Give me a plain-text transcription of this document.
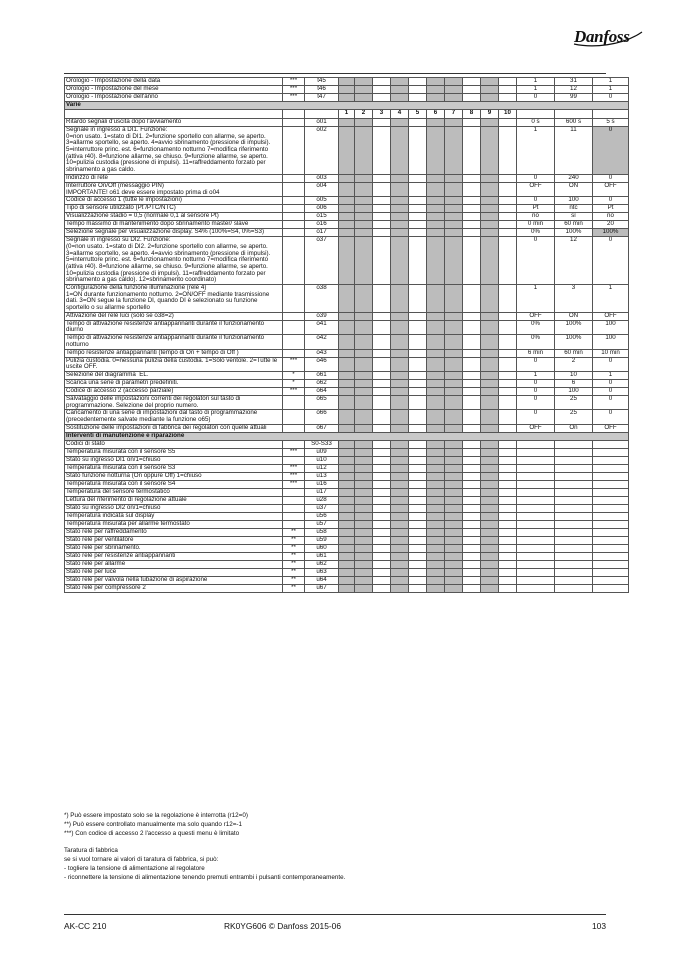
Danfoss
Orologio - Impostazione della data	***	t45											1	31	1
Orologio - Impostazione del mese	***	t46											1	12	1
Orologio - Impostazione dell'anno	***	t47											0	99	0
Varie															
			1	2	3	4	5	6	7	8	9	10			
Ritardo segnali d'uscita dopo l'avviamento		o01											0 s	600 s	5 s
Segnale in ingresso a DI1. Funzione:
0=non usato. 1=stato di DI1. 2=funzione sportello con allarme, se aperto. 3=allarme sportello, se aperto. 4=avvio sbrinamento (pressione di impulsi). 5=interruttore princ. est. 6=funzionamento notturno 7=modifica riferimento (attiva r40). 8=funzione allarme, se chiuso. 9=funzione allarme, se aperto. 10=pulizia custodia (pressione di impulsi). 11=raffreddamento forzato per sbrinamento a gas caldo.		o02											1	11	0
Indirizzo di rete		o03											0	240	0
Interruttore On/Off (messaggio PIN)
IMPORTANTE! o61 deve essere impostato prima di o04		o04											OFF	ON	OFF
Codice di accesso 1 (tutte le impostazioni)		o05											0	100	0
Tipo di sensore utilizzato (Pt /PTC/NTC)		o06											Pt	ntc	Pt
Visualizzazione stadio = 0,5 (normale 0,1 al sensore Pt)		o15											no	sì	no
Tempo massimo di mantenimento dopo sbrinamento master/ slave		o16											0 min	60 min	20
Selezione segnale per visualizzazione display. S4% (100%=S4, 0%=S3)		o17											0%	100%	100%
Segnale in ingresso su DI2. Funzione:
(0=non usato. 1=stato di DI2. 2=funzione sportello con allarme, se aperto. 3=allarme sportello, se aperto. 4=avvio sbrinamento (pressione di impulsi). 5=interruttore princ. est. 6=funzionamento notturno 7=modifica riferimento (attiva r40). 8=funzione allarme, se chiuso. 9=funzione allarme, se aperto. 10=pulizia custodia (pressione di impulsi). 11=raffreddamento forzato per sbrinamento a gas caldo). 12=sbrinamento coordinato)		o37											0	12	0
Configurazione della funzione illuminazione (relè 4)
1=ON durante funzionamento notturno. 2=ON/OFF mediante trasmissione dati. 3=ON segue la funzione DI, quando DI è selezionato su funzione sportello o su allarme sportello		o38											1	3	1
Attivazione del relè luci (solo se o38=2)		o39											OFF	ON	OFF
Tempo di attivazione resistenze antiappannanti durante il funzionamento diurno		o41											0%	100%	100
Tempo di attivazione resistenze antiappannanti durante il funzionamento notturno		o42											0%	100%	100
Tempo resistenze antiappannanti (tempo di On + tempo di Off )		o43											6 min	60 min	10 min
Pulizia custodia. 0=nessuna pulizia della custodia. 1=Solo ventole. 2=Tutte le uscite OFF.	***	o46											0	2	0
Selezione del diagramma  EL.	*	o61											1	10	1
Scarica una serie di parametri predefiniti.	*	o62											0	6	0
Codice di accesso 2 (accesso parziale)	***	o64											0	100	0
Salvataggio delle impostazioni correnti dei regolatori sul tasto di programmazione. Selezione del proprio numero.		o65											0	25	0
Caricamento di una serie di impostazioni dal tasto di programmazione (precedentemente salvate mediante la funzione o65)		o66											0	25	0
Sostituzione delle impostazioni di fabbrica dei regolatori con quelle attuali		o67											OFF	On	OFF
Interventi di manutenzione e riparazione															
Codici di stato		S0-S33													
Temperatura misurata con il sensore S5	***	u09													
Stato su ingresso DI1 on/1=chiuso		u10													
Temperatura misurata con il sensore S3	***	u12													
Stato funzione notturna (On oppure Off) 1=chiuso	***	u13													
Temperatura misurata con il sensore S4	***	u16													
Temperatura del sensore termostatico		u17													
Lettura del riferimento di regolazione attuale		u28													
Stato su ingresso DI2 on/1=chiuso		u37													
Temperatura indicata sul display		u56													
Temperatura misurata per allarme termostato		u57													
Stato relè per raffreddamento	**	u58													
Stato relè per ventilatore	**	u59													
Stato relè per sbrinamento.	**	u60													
Stato relè per resistenze antiappannanti	**	u61													
Stato relè per allarme	**	u62													
Stato relè per luce	**	u63													
Stato relè per valvola nella tubazione di aspirazione	**	u64													
Stato relè per compressore 2	**	u67													
*) Può essere impostato solo se la regolazione è interrotta (r12=0)
**) Può essere controllato manualmente ma solo quando r12=-1
***) Con codice di accesso 2 l'accesso a questi menu è limitato
Taratura di fabbrica
se si vuol tornare ai valori di taratura di fabbrica, si può:
- togliere la tensione di alimentazione al regolatore
- riconnettere la tensione di alimentazione tenendo premuti entrambi i pulsanti contemporaneamente.
AK-CC 210	RK0YG606 © Danfoss 2015-06	103
